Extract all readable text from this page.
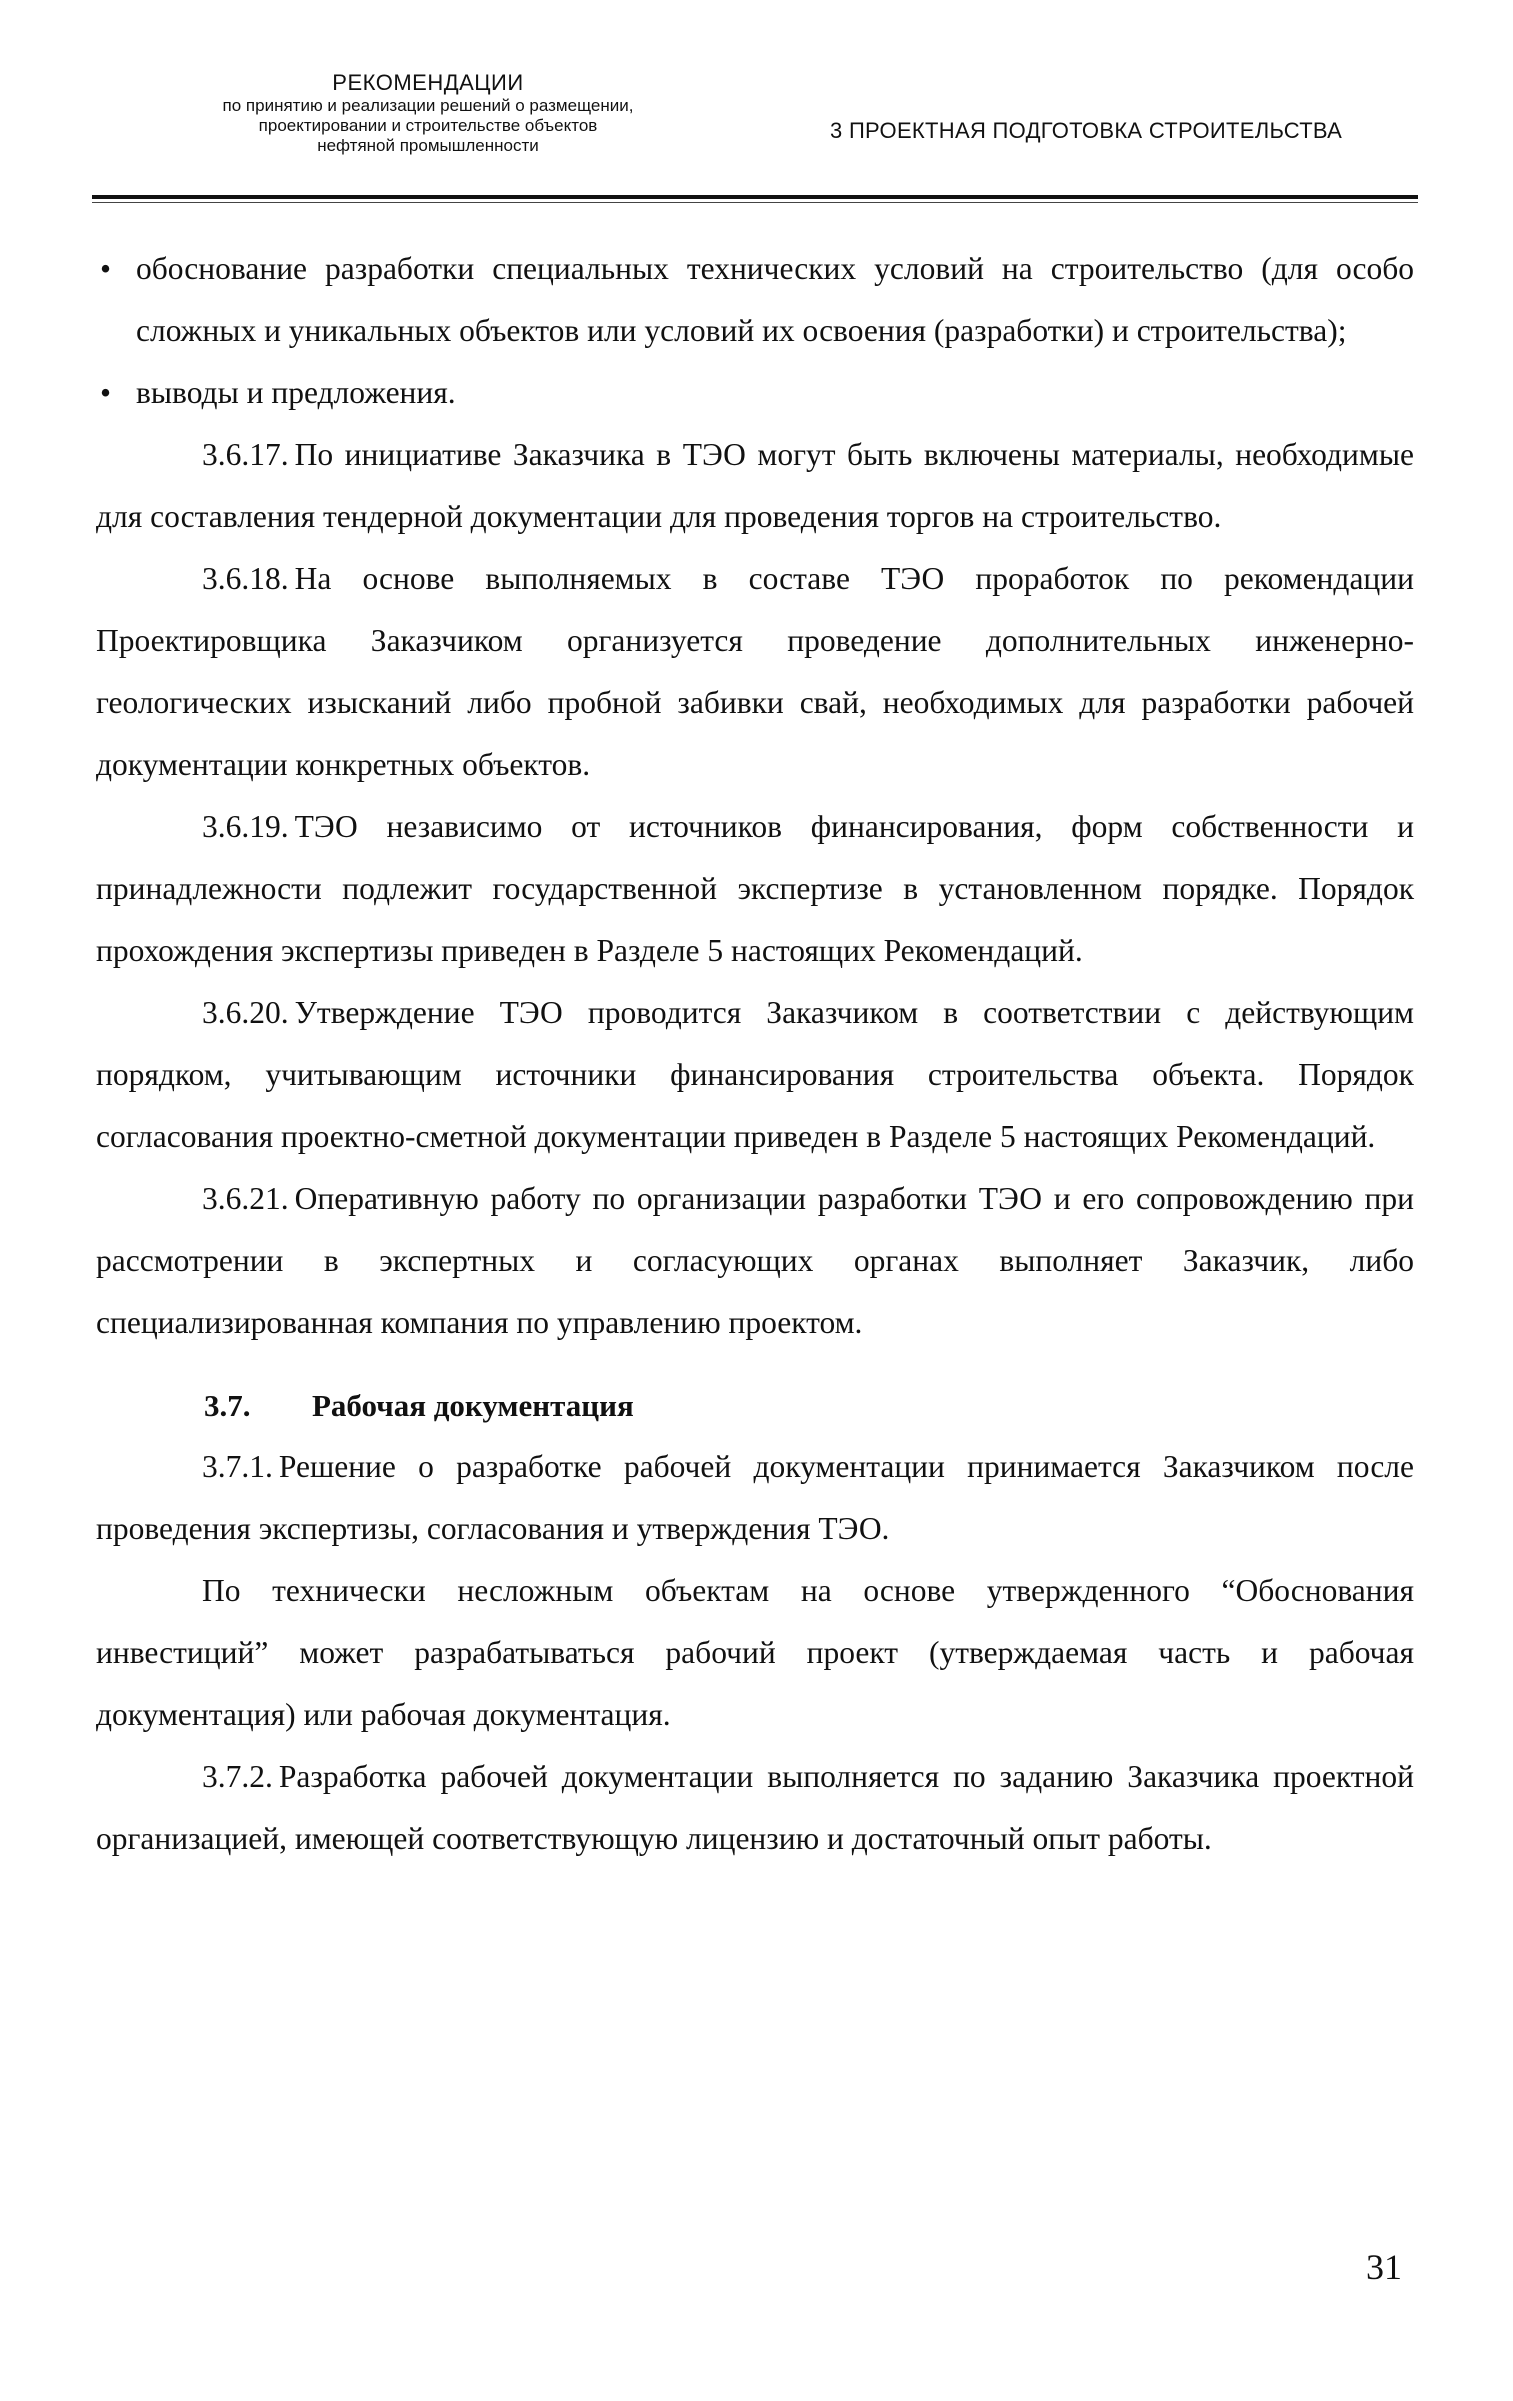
РЕКОМЕНДАЦИИ
по принятию и реализации решений о размещении,
проектировании и строительстве объектов
нефтяной промышленности
3 ПРОЕКТНАЯ ПОДГОТОВКА СТРОИТЕЛЬСТВА

• обоснование разработки специальных технических условий на строительство (для особо сложных и уникальных объектов или условий их освоения (разработки) и строительства);

• выводы и предложения.

3.6.17. По инициативе Заказчика в ТЭО могут быть включены материалы, необходимые для составления тендерной документации для проведения торгов на строительство.

3.6.18. На основе выполняемых в составе ТЭО проработок по рекомендации Проектировщика Заказчиком организуется проведение дополнительных инженерно-геологических изысканий либо пробной забивки свай, необходимых для разработки рабочей документации конкретных объектов.

3.6.19. ТЭО независимо от источников финансирования, форм собственности и принадлежности подлежит государственной экспертизе в установленном порядке. Порядок прохождения экспертизы приведен в Разделе 5 настоящих Рекомендаций.

3.6.20. Утверждение ТЭО проводится Заказчиком в соответствии с действующим порядком, учитывающим источники финансирования строительства объекта. Порядок согласования проектно-сметной документации приведен в Разделе 5 настоящих Рекомендаций.

3.6.21. Оперативную работу по организации разработки ТЭО и его сопровождению при рассмотрении в экспертных и согласующих органах выполняет Заказчик, либо специализированная компания по управлению проектом.

3.7. Рабочая документация

3.7.1. Решение о разработке рабочей документации принимается Заказчиком после проведения экспертизы, согласования и утверждения ТЭО.

По технически несложным объектам на основе утвержденного “Обоснования инвестиций” может разрабатываться рабочий проект (утверждаемая часть и рабочая документация) или рабочая документация.

3.7.2. Разработка рабочей документации выполняется по заданию Заказчика проектной организацией, имеющей соответствующую лицензию и достаточный опыт работы.

31
